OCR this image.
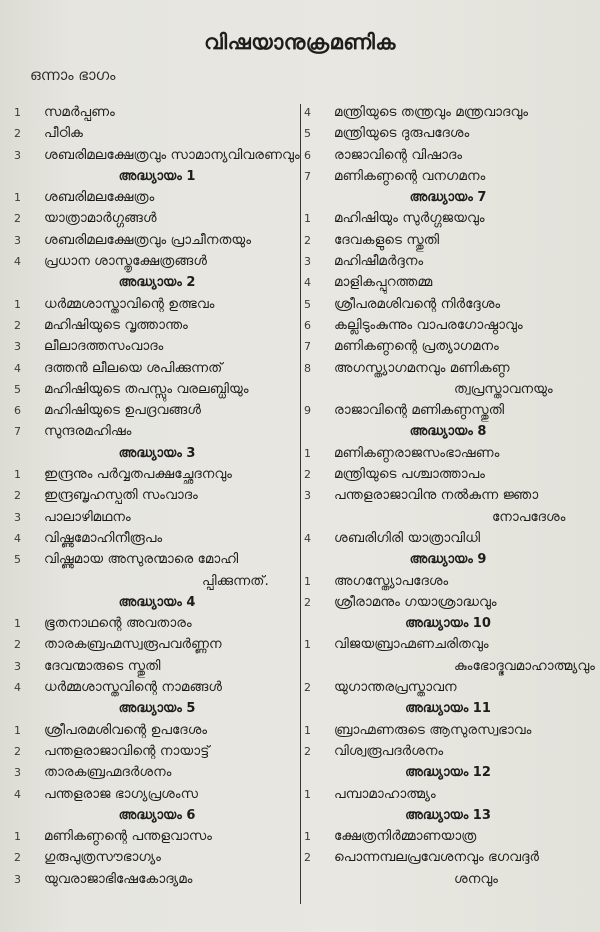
വിഷയാനുക്രമണിക
ഒന്നാം ഭാഗം
1	സമർപ്പണം
2	പീഠിക
3	ശബരിമലക്ഷേത്രവും സാമാന്യവിവരണവും
അദ്ധ്യായം 1
1	ശബരിമലക്ഷേത്രം
2	യാത്രാമാർഗ്ഗങ്ങൾ
3	ശബരിമലക്ഷേത്രവും പ്രാചീനതയും
4	പ്രധാന ശാസ്തൃക്ഷേത്രങ്ങൾ
അദ്ധ്യായം 2
1	ധർമ്മശാസ്താവിന്റെ ഉത്ഭവം
2	മഹിഷിയുടെ വൃത്താന്തം
3	ലീലാദത്തസംവാദം
4	ദത്തൻ ലീലയെ ശപിക്കുന്നത്
5	മഹിഷിയുടെ തപസ്സും വരലബ്ധിയും
6	മഹിഷിയുടെ ഉപദ്രവങ്ങൾ
7	സുന്ദരമഹിഷം
അദ്ധ്യായം 3
1	ഇന്ദ്രനും പർവ്വതപക്ഷച്ഛേദനവും
2	ഇന്ദ്രബൃഹസ്പതി സംവാദം
3	പാലാഴിമഥനം
4	വിഷ്ണുമോഹിനീരൂപം
5	വിഷ്ണുമായ അസുരന്മാരെ മോഹി
പ്പിക്കുന്നത്.
അദ്ധ്യായം 4
1	ഭൂതനാഥന്റെ അവതാരം
2	താരകബ്രഹ്മസ്വരൂപവർണ്ണന
3	ദേവന്മാരുടെ സ്തുതി
4	ധർമ്മശാസ്തവിന്റെ നാമങ്ങൾ
അദ്ധ്യായം 5
1	ശ്രീപരമശിവന്റെ ഉപദേശം
2	പന്തളരാജാവിന്റെ നായാട്ട്
3	താരകബ്രഹ്മദർശനം
4	പന്തളരാജ ഭാഗ്യപ്രശംസ
അദ്ധ്യായം 6
1	മണികണ്ഠന്റെ പന്തളവാസം
2	ഗുരുപുത്രസൗഭാഗ്യം
3	യുവരാജാഭിഷേകോദ്യമം
4	മന്ത്രിയുടെ തന്ത്രവും മന്ത്രവാദവും
5	മന്ത്രിയുടെ ദുരുപദേശം
6	രാജാവിന്റെ വിഷാദം
7	മണികണ്ഠന്റെ വനഗമനം
അദ്ധ്യായം 7
1	മഹിഷിയും സുർഗ്ഗജയവും
2	ദേവകളുടെ സ്തുതി
3	മഹിഷീമർദ്ദനം
4	മാളികപ്പുറത്തമ്മ
5	ശ്രീപരമശിവന്റെ നിർദ്ദേശം
6	കല്ലിടുംകുന്നും വാപരഗോഷ്ഠാവും
7	മണികണ്ഠന്റെ പ്രത്യാഗമനം
8	അഗസ്ത്യാഗമനവും മണികണ്ഠ
ത്വപ്രസ്താവനയും
9	രാജാവിന്റെ മണികണ്ഠസ്തുതി
അദ്ധ്യായം 8
1	മണികണ്ഠരാജസംഭാഷണം
2	മന്ത്രിയുടെ പശ്ചാത്താപം
3	പന്തളരാജാവിനു നൽകുന്ന ജ്ഞാ
നോപദേശം
4	ശബരിഗിരി യാത്രാവിധി
അദ്ധ്യായം 9
1	അഗസ്ത്യോപദേശം
2	ശ്രീരാമനും ഗയാശ്രാദ്ധവും
അദ്ധ്യായം 10
1	വിജയബ്രാഹ്മണചരിതവും
കുംഭോദ്ഭവമാഹാത്മ്യവും
2	യുഗാന്തരപ്രസ്താവന
അദ്ധ്യായം 11
1	ബ്രാഹ്മണരുടെ ആസുരസ്വഭാവം
2	വിശ്വരൂപദർശനം
അദ്ധ്യായം 12
1	പമ്പാമാഹാത്മ്യം
അദ്ധ്യായം 13
1	ക്ഷേത്രനിർമ്മാണയാത്ര
2	പൊന്നമ്പലപ്രവേശനവും ഭഗവദ്ദർ
ശനവും
